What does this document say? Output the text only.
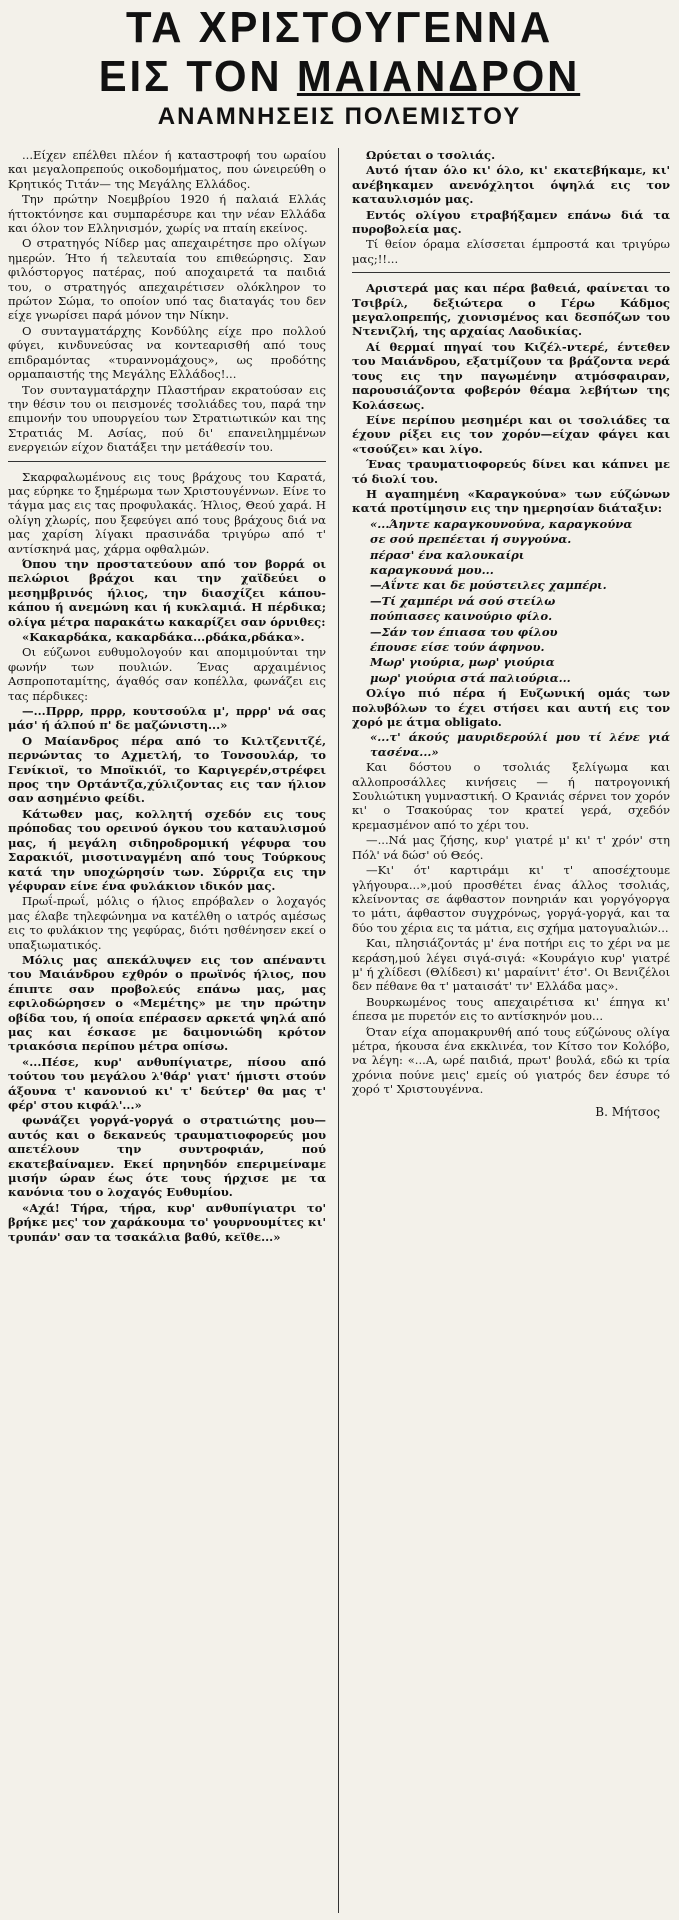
ΤΑ ΧΡΙΣΤΟΥΓΕΝΝΑ
ΕΙΣ ΤΟΝ ΜΑΙΑΝΔΡΟΝ
ΑΝΑΜΝΗΣΕΙΣ ΠΟΛΕΜΙΣΤΟΥ

...Είχεν επέλθει πλέον ή καταστροφή του ωραίου και μεγαλοπρεπούς οικοδομήματος, που ώνειρεύθη ο Κρητικός Τιτάν— της Μεγάλης Ελλάδος.

Την πρώτην Νοεμβρίου 1920 ή παλαιά Ελλάς ήττοκτόνησε και συμπαρέσυρε και την νέαν Ελλάδα και όλον τον Ελληνισμόν, χωρίς να πταίη εκείνος.

Ο στρατηγός Νίδερ μας απεχαιρέτησε προ ολίγων ημερών. Ήτο ή τελευταία του επιθεώρησις. Σαν φιλόστοργος πατέρας, πού αποχαιρετά τα παιδιά του, ο στρατηγός απεχαιρέτισεν ολόκληρον το πρώτον Σώμα, το οποίον υπό τας διαταγάς του δεν είχε γνωρίσει παρά μόνον την Νίκην.

Ο συνταγματάρχης Κονδύλης είχε προ πολλού φύγει, κινδυνεύσας να κοντεαρισθή από τους επιδραμόντας «τυραννομάχους», ως προδότης ορμαπαιστής της Μεγάλης Ελλάδος!...

Τον συνταγματάρχην Πλαστήραν εκρατούσαν εις την θέσιν του οι πεισμονές τσολιάδες του, παρά την επιμονήν του υπουργείου των Στρατιωτικών και της Στρατιάς Μ. Ασίας, πού δι' επανειλημμένων ενεργειών είχον διατάξει την μετάθεσίν του.

Σκαρφαλωμένους εις τους βράχους του Καρατά, μας εύρηκε το ξημέρωμα των Χριστουγέννων. Είνε το τάγμα μας εις τας προφυλακάς. Ήλιος, Θεού χαρά. Η ολίγη χλωρίς, που ξεφεύγει από τους βράχους διά να μας χαρίση λίγακι πρασινάδα τριγύρω από τ' αντίσκηνά μας, χάρμα οφθαλμών.

Όπου την προστατεύουν από τον βορρά οι πελώριοι βράχοι και την χαϊδεύει ο μεσημβρινός ήλιος, την διασχίζει κάπου-κάπου ή ανεμώνη και ή κυκλαμιά. Η πέρδικα; ολίγα μέτρα παρακάτω κακαρίζει σαν όρνιθες:

«Κακαρδάκα, κακαρδάκα...ρδάκα,ρδάκα».

Οι εύζωνοι ευθυμολογούν και απομιμούνται την φωνήν των πουλιών. Ένας αρχαιμένιος Ασπροποταμίτης, άγαθός σαν κοπέλλα, φωνάζει εις τας πέρδικες:

—...Πρρρ, πρρρ, κουτσούλα μ', πρρρ' νά σας μάσ' ή άλπού π' δε μαζώνιστη...»

Ο Μαίανδρος πέρα από το Κιλτζενιτζέ, περνώντας το Αχμετλή, το Τονσουλάρ, το Γενίκιοϊ, το Μποϊκιόϊ, το Καριγερέν,στρέφει προς την Ορτάντζα,χύλιζοντας εις ταν ήλιον σαν ασημένιο φείδι.

Κάτωθεν μας, κολλητή σχεδόν εις τους πρόποδας του ορεινού όγκου του καταυλισμού μας, ή μεγάλη σιδηροδρομική γέφυρα του Σαρακιόϊ, μισοτιναγμένη από τους Τούρκους κατά την υποχώρησίν των. Σύρριζα εις την γέφυραν είνε ένα φυλάκιον ιδικόν μας.

Πρωΐ-πρωΐ, μόλις ο ήλιος επρόβαλεν ο λοχαγός μας έλαβε τηλεφώνημα να κατέλθη ο ιατρός αμέσως εις το φυλάκιον της γεφύρας, διότι ησθένησεν εκεί ο υπαξιωματικός.

Μόλις μας απεκάλυψεν εις τον απέναντι του Μαιάνδρου εχθρόν ο πρωϊνός ήλιος, που έπιπτε σαν προβολεύς επάνω μας, μας εφιλοδώρησεν ο «Μεμέτης» με την πρώτην οβίδα του, ή οποία επέρασεν αρκετά ψηλά από μας και έσκασε με δαιμονιώδη κρότον τριακόσια περίπου μέτρα οπίσω.

«...Πέσε, κυρ' ανθυπίγιατρε, πίσου από τούτου του μεγάλου λ'θάρ' γιατ' ήμιστι στούν άξουνα τ' κανονιού κι' τ' δεύτερ' θα μας τ' φέρ' στου κιφάλ'...»

φωνάζει γοργά-γοργά ο στρατιώτης μου—αυτός και ο δεκανεύς τραυματιοφορεύς μου απετέλουν την συντροφιάν, πού εκατεβαίναμεν. Εκεί πρηνηδόν επεριμείναμε μισήν ώραν έως ότε τους ήρχισε με τα κανόνια του ο λοχαγός Ευθυμίου.

«Αχά! Τήρα, τήρα, κυρ' ανθυπίγιατρι το' βρήκε μες' τον χαράκουμα το' γουρνουμίτες κι' τρυπάν' σαν τα τσακάλια βαθύ, κεϊθε...»

Ωρύεται ο τσολιάς.

Αυτό ήταν όλο κι' όλο, κι' εκατεβήκαμε, κι' ανέβηκαμεν ανενόχλητοι όψηλά εις τον καταυλισμόν μας.

Εντός ολίγου ετραβήξαμεν επάνω διά τα πυροβολεία μας.

Τί θείον όραμα ελίσσεται έμπροστά και τριγύρω μας;!!...

Αριστερά μας και πέρα βαθειά, φαίνεται το Τσιβρίλ, δεξιώτερα ο Γέρω Κάδμος μεγαλοπρεπής, χιονισμένος και δεσπόζων του Ντενιζλή, της αρχαίας Λαοδικίας.

Αί θερμαί πηγαί του Κιζέλ-ντερέ, έντεθεν του Μαιάνδρου, εξατμίζουν τα βράζοντα νερά τους εις την παγωμένην ατμόσφαιραν, παρουσιάζοντα φοβερόν θέαμα λεβήτων της Κολάσεως.

Είνε περίπου μεσημέρι και οι τσολιάδες τα έχουν ρίξει εις τον χορόν—είχαν φάγει και «τσούζει» και λίγο.

Ένας τραυματιοφορεύς δίνει και κάπνει με τό διολί του.

Η αγαπημένη «Καραγκούνα» των εύζώνων κατά προτίμησιν εις την ημερησίαν διάταξιν:

«...Άηντε καραγκουνούνα, καραγκούνα

σε σού πρεπέεται ή συγγούνα.

πέρασ' ένα καλουκαίρι

καραγκουνά μου...

—Αΐντε και δε μούστειλες χαμπέρι.

—Τί χαμπέρι νά σού στείλω

πούπιασες καινούριο φίλο.

—Σάν τον έπιασα του φίλου

έπουσε είσε τούν άφηνου.

Μωρ' γιούρια, μωρ' γιούρια

μωρ' γιούρια στά παλιούρια...

Ολίγο πιό πέρα ή Ευζωνική ομάς των πολυβόλων το έχει στήσει και αυτή εις τον χορό με άτμα obligato.

«...τ' άκούς μαυριδερούλί μου τί λένε γιά τασένα...»

Και δόστου ο τσολιάς ξελίγωμα και αλλοπροσάλλες κινήσεις — ή πατρογονική Σουλιώτικη γυμναστική. Ο Κρανιάς σέρνει τον χορόν κι' ο Τσακούρας τον κρατεί γερά, σχεδόν κρεμασμένον από το χέρι του.

—...Νά μας ζήσης, κυρ' γιατρέ μ' κι' τ' χρόν' στη Πόλ' νά δώσ' ού Θεός.

—Κι' ότ' καρτιράμι κι' τ' αποσέχτουμε γλήγουρα...»,μού προσθέτει ένας άλλος τσολιάς, κλείνοντας σε άφθαστον πονηριάν και γοργόγοργα το μάτι, άφθαστον συγχρόνως, γοργά-γοργά, και τα δύο του χέρια εις τα μάτια, εις σχήμα ματογυαλιών...

Και, πλησιάζοντάς μ' ένα ποτήρι εις το χέρι να με κεράση,μού λέγει σιγά-σιγά: «Κουράγιο κυρ' γιατρέ μ' ή χλίδεσι (Θλίδεσι) κι' μαραίνιτ' έτσ'. Οι Βενιζέλοι δεν πέθανε θα τ' ματαισάτ' τν' Ελλάδα μας».

Βουρκωμένος τους απεχαιρέτισα κι' έπηγα κι' έπεσα με πυρετόν εις το αντίσκηνόν μου...

Όταν είχα απομακρυνθή από τους εύζώνους ολίγα μέτρα, ήκουσα ένα εκκλινέα, τον Κίτσο τον Κολόβο, να λέγη: «...Α, ωρέ παιδιά, πρωτ' βουλά, εδώ κι τρία χρόνια πούνε μεις' εμείς ού γιατρός δεν έσυρε τό χορό τ' Χριστουγέννα.

Β. Μήτσος
